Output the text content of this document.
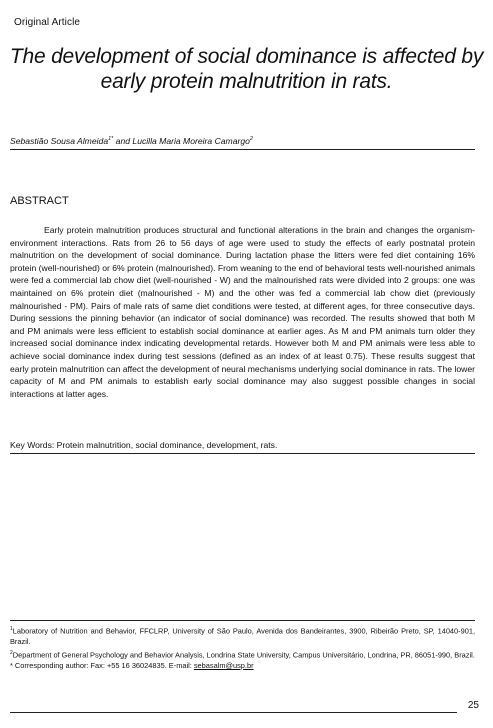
Original Article
The development of social dominance is affected by
early protein malnutrition in rats.
Sebastião Sousa Almeida$^{1*}$ and Lucilla Maria Moreira Camargo$^2$
ABSTRACT

Early protein malnutrition produces structural and functional alterations in the brain and changes the organism-environment interactions. Rats from 26 to 56 days of age were used to study the effects of early postnatal protein malnutrition on the development of social dominance. During lactation phase the litters were fed diet containing 16% protein (well-nourished) or 6% protein (malnourished). From weaning to the end of behavioral tests well-nourished animals were fed a commercial lab chow diet (well-nourished - W) and the malnourished rats were divided into 2 groups: one was maintained on 6% protein diet (malnourished - M) and the other was fed a commercial lab chow diet (previously malnourished - PM). Pairs of male rats of same diet conditions were tested, at different ages, for three consecutive days. During sessions the pinning behavior (an indicator of social dominance) was recorded. The results showed that both M and PM animals were less efficient to establish social dominance at earlier ages. As M and PM animals turn older they increased social dominance index indicating developmental retards. However both M and PM animals were less able to achieve social dominance index during test sessions (defined as an index of at least 0.75). These results suggest that early protein malnutrition can affect the development of neural mechanisms underlying social dominance in rats. The lower capacity of M and PM animals to establish early social dominance may also suggest possible changes in social interactions at latter ages.

Key Words: Protein malnutrition, social dominance, development, rats.

$^1$Laboratory of Nutrition and Behavior, FFCLRP, University of São Paulo, Avenida dos Bandeirantes, 3900, Ribeirão Preto, SP, 14040-901, Brazil.

$^2$Department of General Psychology and Behavior Analysis, Londrina State University, Campus Universitário, Londrina, PR, 86051-990, Brazil.

* Corresponding author: Fax: +55 16 36024835. E-mail: sebasalm@usp.br

25
